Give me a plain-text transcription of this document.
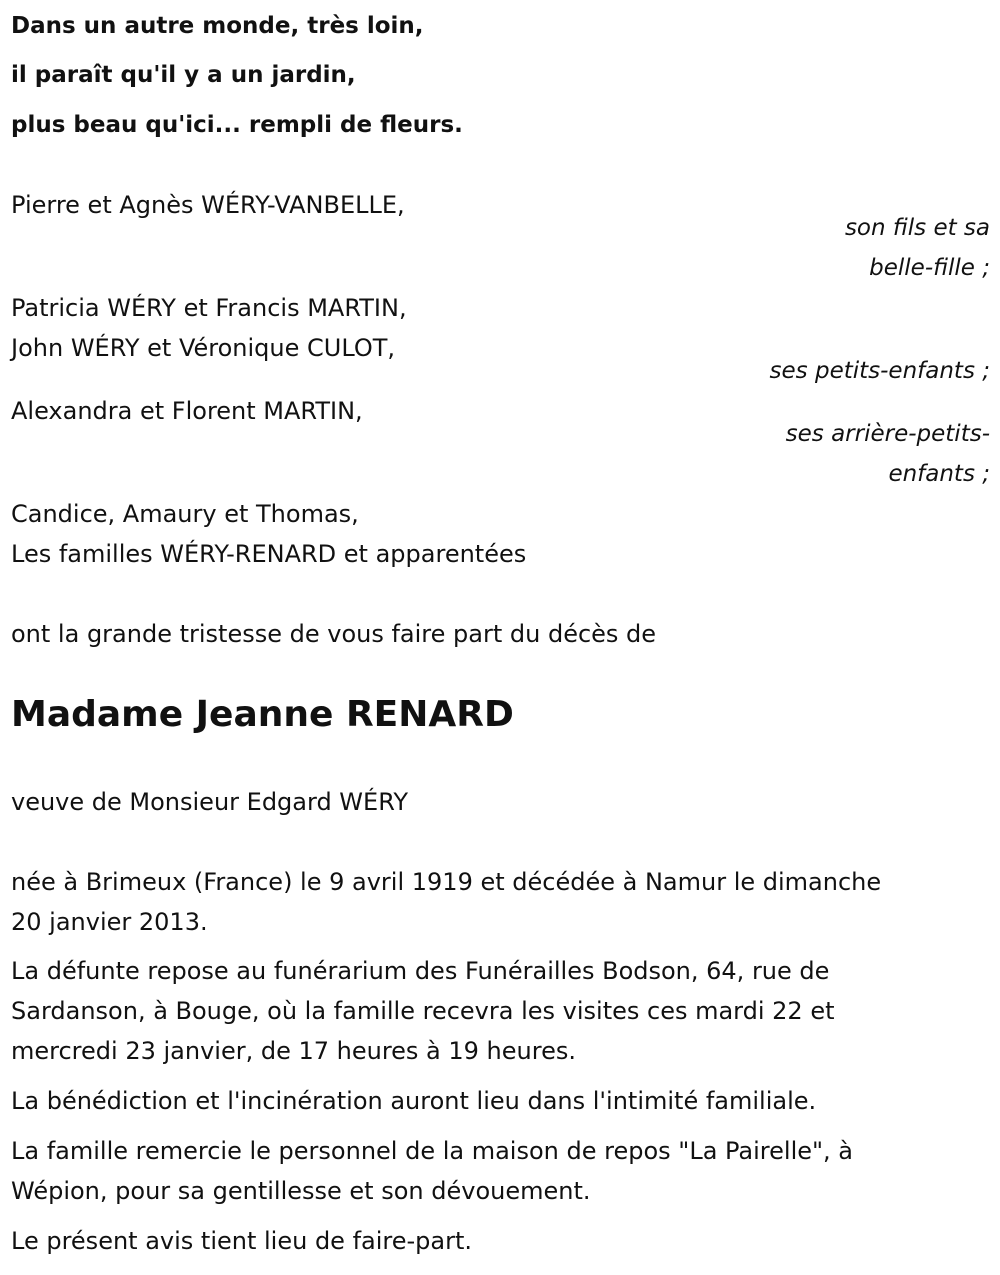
Dans un autre monde, très loin,
il paraît qu'il y a un jardin,
plus beau qu'ici... rempli de fleurs.
Pierre et Agnès WÉRY-VANBELLE,
son fils et sa
belle-fille ;
Patricia WÉRY et Francis MARTIN,
John WÉRY et Véronique CULOT,
ses petits-enfants ;
Alexandra et Florent MARTIN,
ses arrière-petits-
enfants ;
Candice, Amaury et Thomas,
Les familles WÉRY-RENARD et apparentées
ont la grande tristesse de vous faire part du décès de
Madame Jeanne RENARD
veuve de Monsieur Edgard WÉRY
née à Brimeux (France) le 9 avril 1919 et décédée à Namur le dimanche
20 janvier 2013.
La défunte repose au funérarium des Funérailles Bodson, 64, rue de
Sardanson, à Bouge, où la famille recevra les visites ces mardi 22 et
mercredi 23 janvier, de 17 heures à 19 heures.
La bénédiction et l'incinération auront lieu dans l'intimité familiale.
La famille remercie le personnel de la maison de repos "La Pairelle", à
Wépion, pour sa gentillesse et son dévouement.
Le présent avis tient lieu de faire-part.
